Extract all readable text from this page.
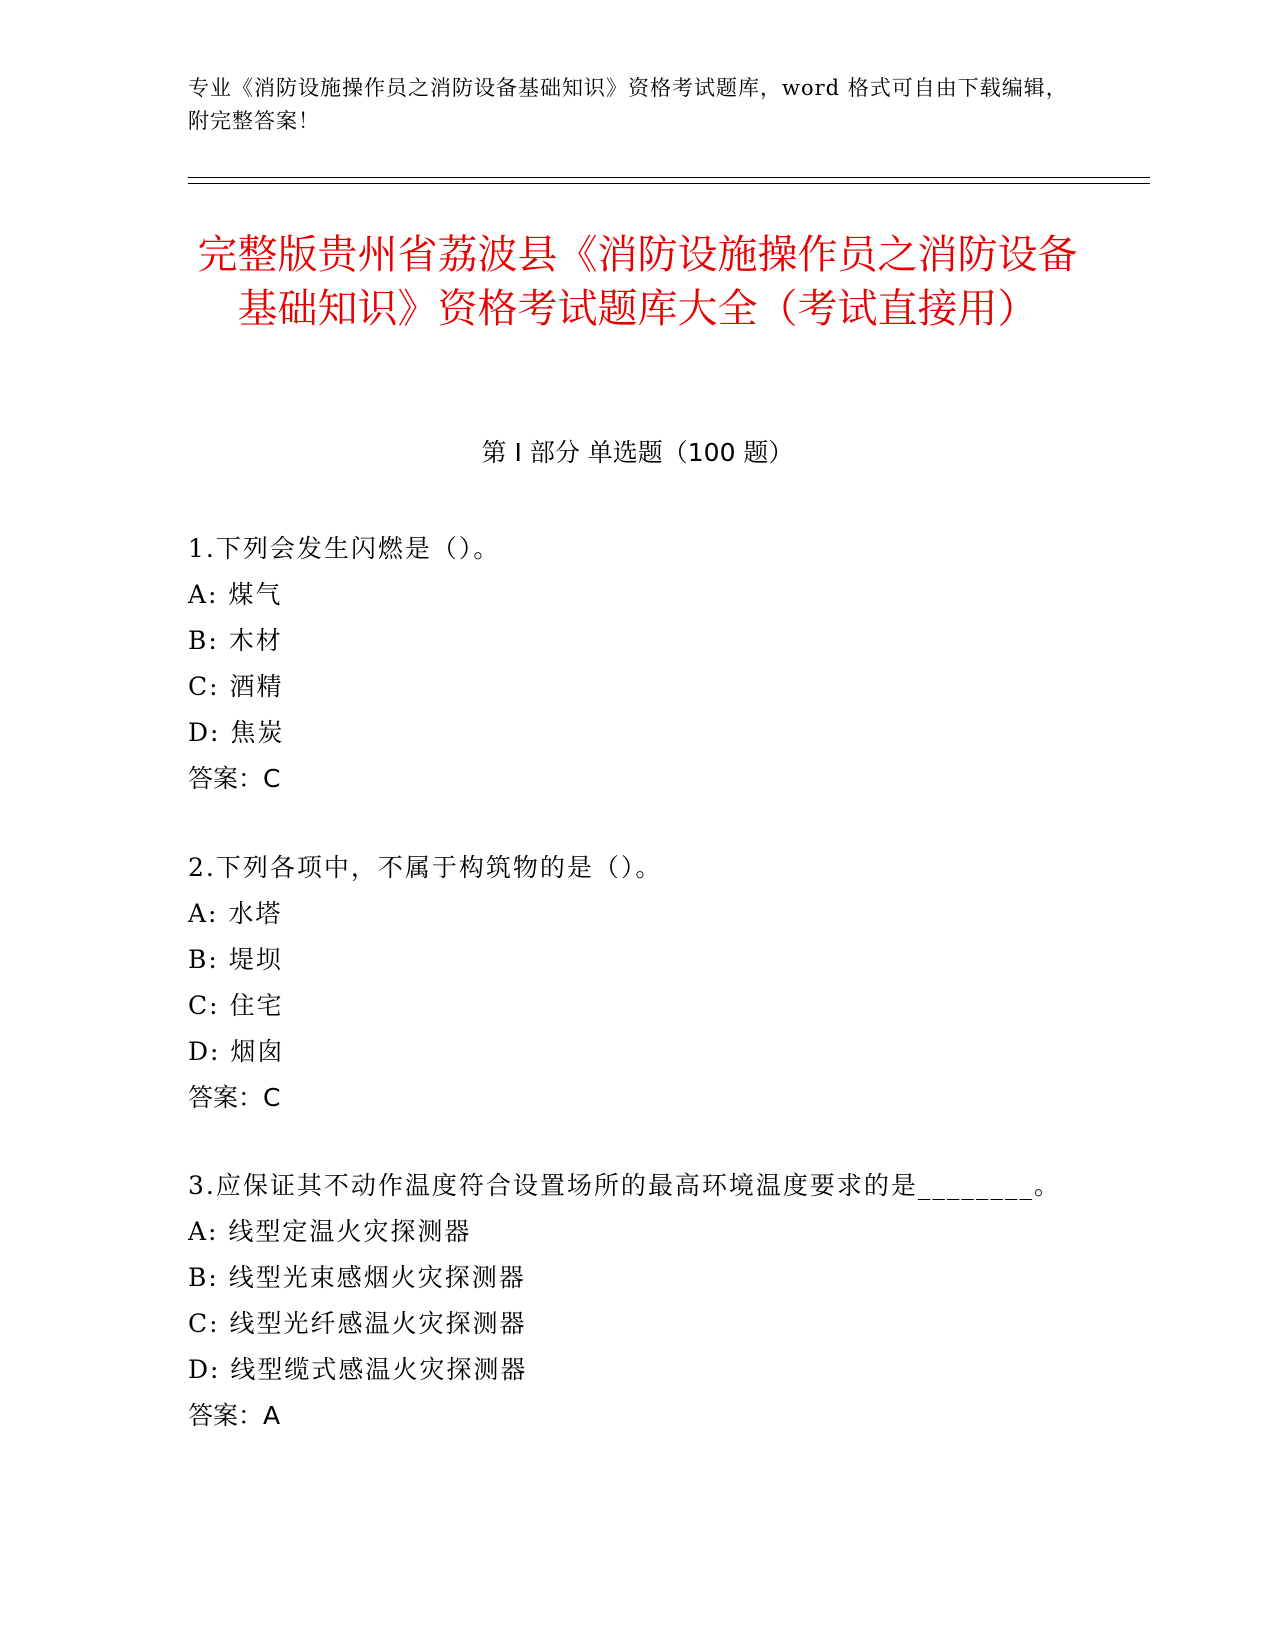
专业《消防设施操作员之消防设备基础知识》资格考试题库，word 格式可自由下载编辑，附完整答案！
完整版贵州省荔波县《消防设施操作员之消防设备基础知识》资格考试题库大全（考试直接用）
第 I 部分 单选题（100 题）
1.下列会发生闪燃是（）。
A: 煤气
B: 木材
C: 酒精
D: 焦炭
答案：C
2.下列各项中，不属于构筑物的是（）。
A: 水塔
B: 堤坝
C: 住宅
D: 烟囱
答案：C
3.应保证其不动作温度符合设置场所的最高环境温度要求的是________。
A: 线型定温火灾探测器
B: 线型光束感烟火灾探测器
C: 线型光纤感温火灾探测器
D: 线型缆式感温火灾探测器
答案：A
